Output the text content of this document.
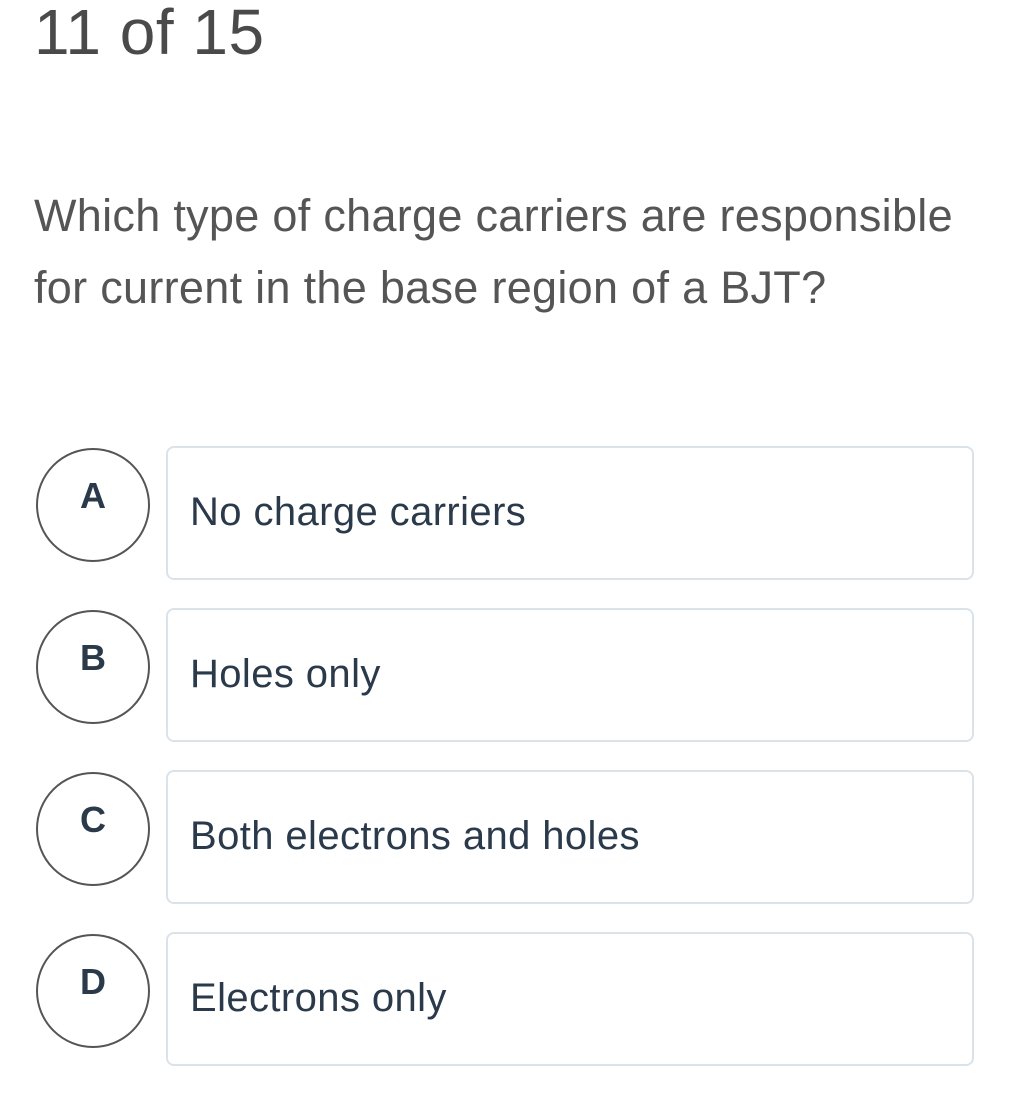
11 of 15
Which type of charge carriers are responsible for current in the base region of a BJT?
A No charge carriers
B Holes only
C Both electrons and holes
D Electrons only
